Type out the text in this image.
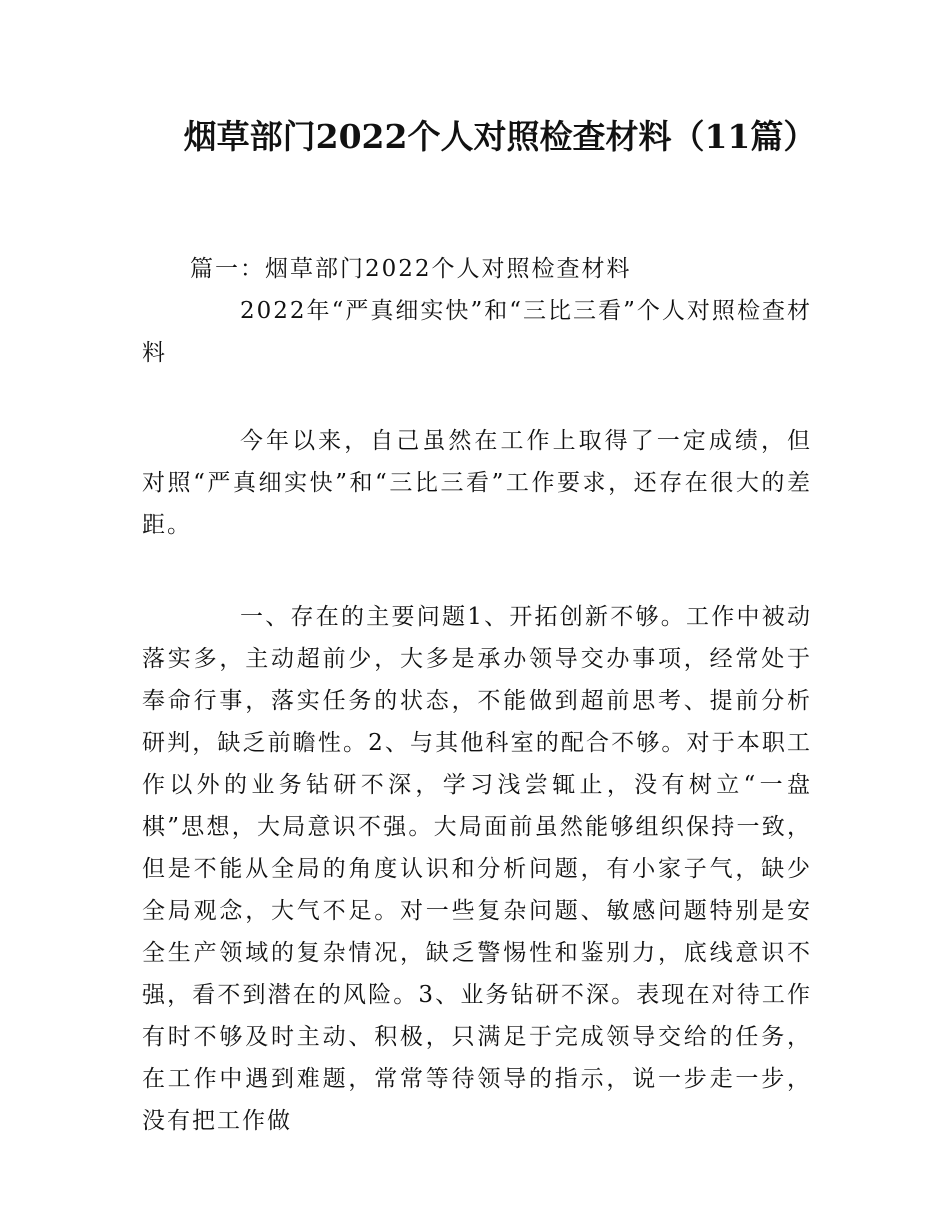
烟草部门2022个人对照检查材料（11篇）
篇一：烟草部门2022个人对照检查材料
2022年“严真细实快”和“三比三看”个人对照检查材料
今年以来，自己虽然在工作上取得了一定成绩，但对照“严真细实快”和“三比三看”工作要求，还存在很大的差距。
一、存在的主要问题1、开拓创新不够。工作中被动落实多，主动超前少，大多是承办领导交办事项，经常处于奉命行事，落实任务的状态，不能做到超前思考、提前分析研判，缺乏前瞻性。2、与其他科室的配合不够。对于本职工作以外的业务钻研不深，学习浅尝辄止，没有树立“一盘棋”思想，大局意识不强。大局面前虽然能够组织保持一致，但是不能从全局的角度认识和分析问题，有小家子气，缺少全局观念，大气不足。对一些复杂问题、敏感问题特别是安全生产领域的复杂情况，缺乏警惕性和鉴别力，底线意识不强，看不到潜在的风险。3、业务钻研不深。表现在对待工作有时不够及时主动、积极，只满足于完成领导交给的任务，在工作中遇到难题，常常等待领导的指示，说一步走一步，没有把工作做
